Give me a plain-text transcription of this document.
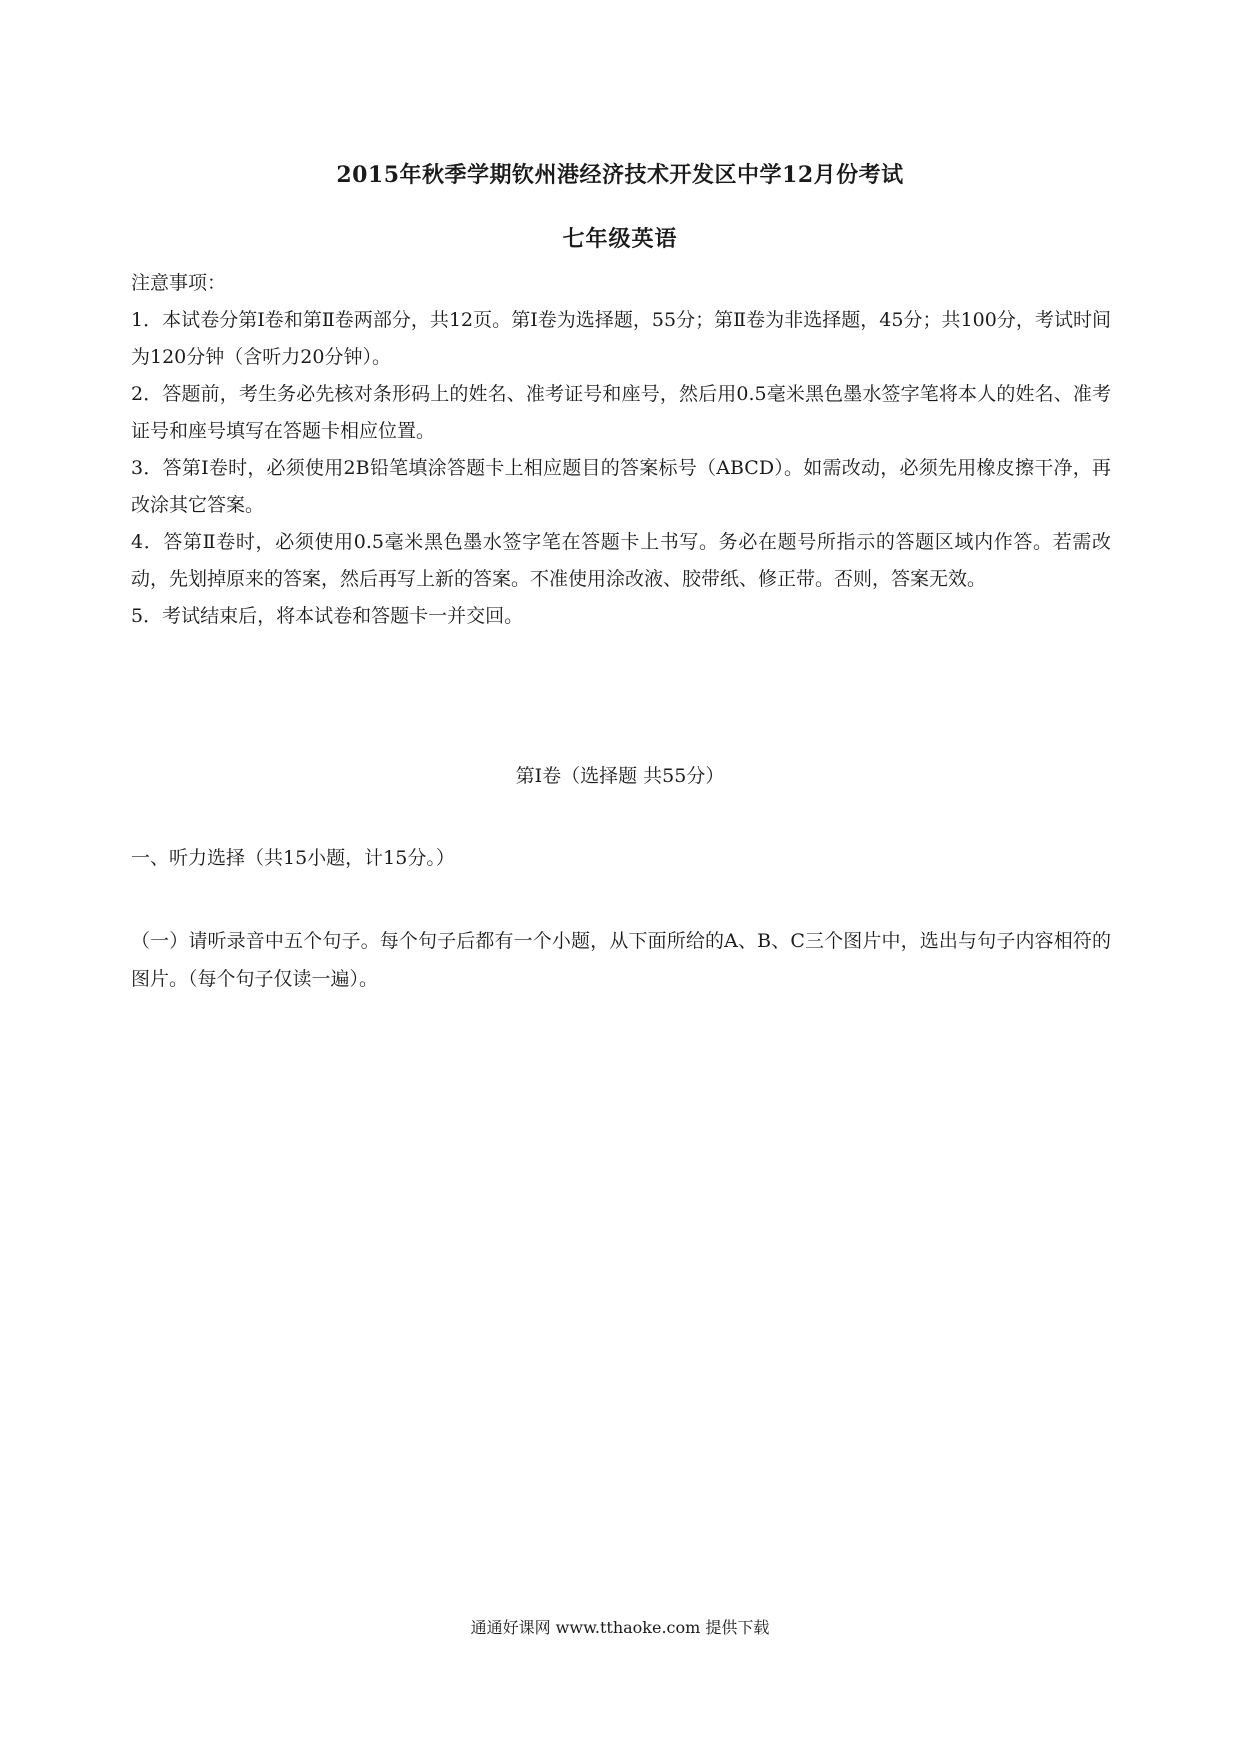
2015年秋季学期钦州港经济技术开发区中学12月份考试
七年级英语

注意事项：

1．本试卷分第Ⅰ卷和第Ⅱ卷两部分，共12页。第Ⅰ卷为选择题，55分；第Ⅱ卷为非选择题，45分；共100分，考试时间为120分钟（含听力20分钟）。

2．答题前，考生务必先核对条形码上的姓名、准考证号和座号，然后用0.5毫米黑色墨水签字笔将本人的姓名、准考证号和座号填写在答题卡相应位置。

3．答第Ⅰ卷时，必须使用2B铅笔填涂答题卡上相应题目的答案标号（ABCD）。如需改动，必须先用橡皮擦干净，再改涂其它答案。

4．答第Ⅱ卷时，必须使用0.5毫米黑色墨水签字笔在答题卡上书写。务必在题号所指示的答题区域内作答。若需改动，先划掉原来的答案，然后再写上新的答案。不准使用涂改液、胶带纸、修正带。否则，答案无效。

5．考试结束后，将本试卷和答题卡一并交回。

第Ⅰ卷（选择题 共55分）
一、听力选择（共15小题，计15分。）
（一）请听录音中五个句子。每个句子后都有一个小题，从下面所给的A、B、C三个图片中，选出与句子内容相符的图片。（每个句子仅读一遍）。
通通好课网 www.tthaoke.com 提供下载
